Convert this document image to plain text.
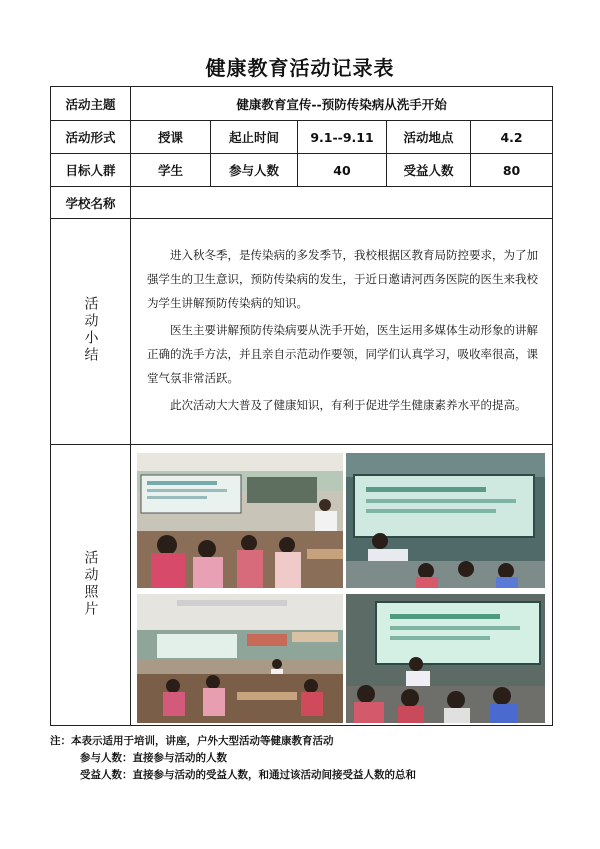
健康教育活动记录表
活动主题	健康教育宣传--预防传染病从洗手开始				
活动形式	授课	起止时间	9.1--9.11	活动地点	4.2
目标人群	学生	参与人数	40	受益人数	80
学校名称					
活动小结	进入秋冬季，是传染病的多发季节，我校根据区教育局防控要求，为了加强学生的卫生意识，预防传染病的发生，于近日邀请河西务医院的医生来我校为学生讲解预防传染病的知识。

医生主要讲解预防传染病要从洗手开始，医生运用多媒体生动形象的讲解正确的洗手方法，并且亲自示范动作要领，同学们认真学习，吸收率很高，课堂气氛非常活跃。

此次活动大大普及了健康知识，有利于促进学生健康素养水平的提高。				

活动照片	
注：本表示适用于培训，讲座，户外大型活动等健康教育活动
参与人数：直接参与活动的人数
受益人数：直接参与活动的受益人数，和通过该活动间接受益人数的总和
